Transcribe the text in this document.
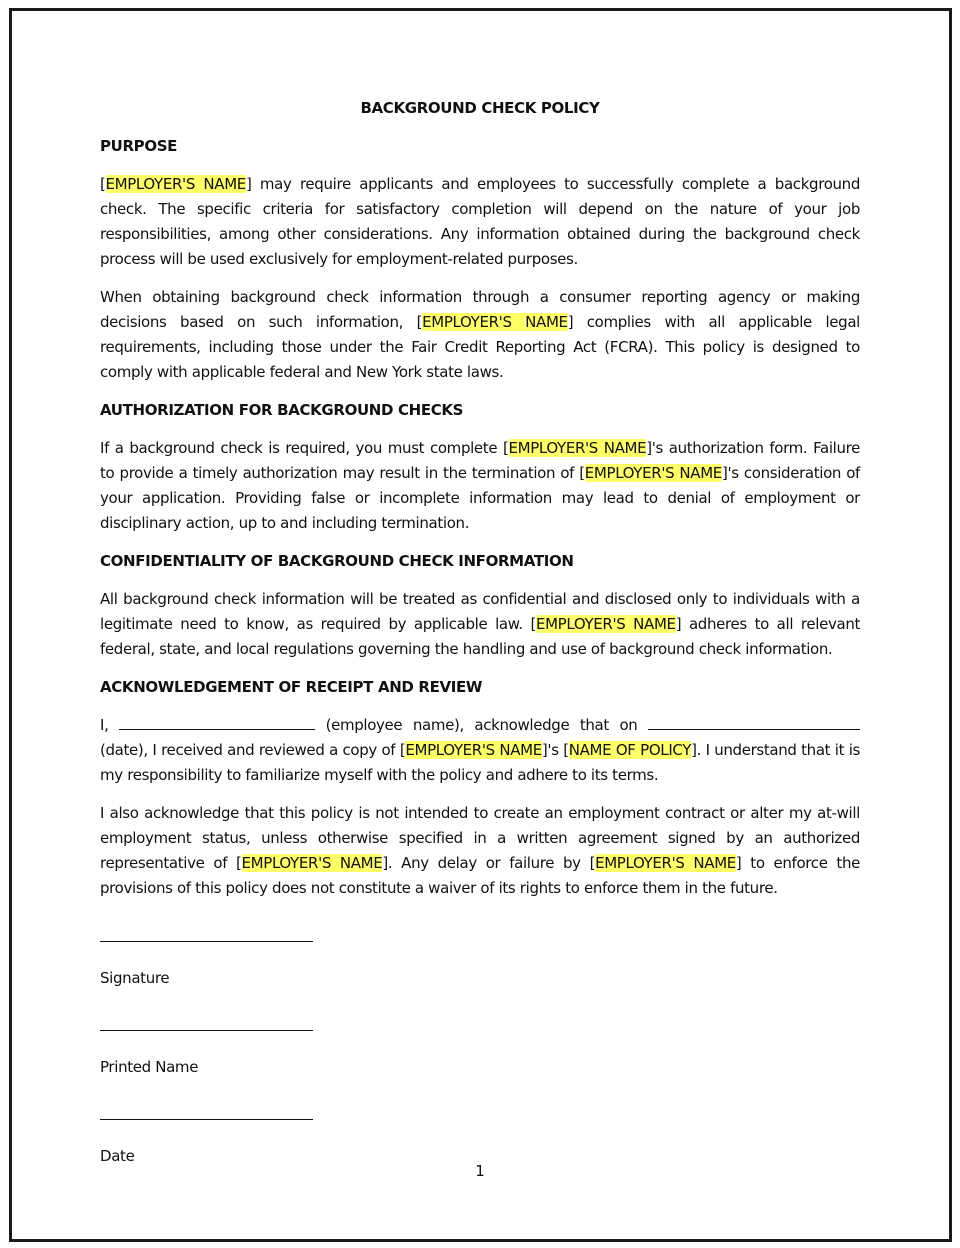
BACKGROUND CHECK POLICY
PURPOSE

[EMPLOYER'S NAME] may require applicants and employees to successfully complete a background check. The specific criteria for satisfactory completion will depend on the nature of your job responsibilities, among other considerations. Any information obtained during the background check process will be used exclusively for employment-related purposes.

When obtaining background check information through a consumer reporting agency or making decisions based on such information, [EMPLOYER'S NAME] complies with all applicable legal requirements, including those under the Fair Credit Reporting Act (FCRA). This policy is designed to comply with applicable federal and New York state laws.

AUTHORIZATION FOR BACKGROUND CHECKS

If a background check is required, you must complete [EMPLOYER'S NAME]'s authorization form. Failure to provide a timely authorization may result in the termination of [EMPLOYER'S NAME]'s consideration of your application. Providing false or incomplete information may lead to denial of employment or disciplinary action, up to and including termination.

CONFIDENTIALITY OF BACKGROUND CHECK INFORMATION

All background check information will be treated as confidential and disclosed only to individuals with a legitimate need to know, as required by applicable law. [EMPLOYER'S NAME] adheres to all relevant federal, state, and local regulations governing the handling and use of background check information.

ACKNOWLEDGEMENT OF RECEIPT AND REVIEW

I,	(employee name), acknowledge that on  (date), I received and reviewed a copy of [EMPLOYER'S NAME]'s [NAME OF POLICY]. I understand that it is my responsibility to familiarize myself with the policy and adhere to its terms.

I also acknowledge that this policy is not intended to create an employment contract or alter my at-will employment status, unless otherwise specified in a written agreement signed by an authorized representative of [EMPLOYER'S NAME]. Any delay or failure by [EMPLOYER'S NAME] to enforce the provisions of this policy does not constitute a waiver of its rights to enforce them in the future.

Signature
Printed Name
Date
1
